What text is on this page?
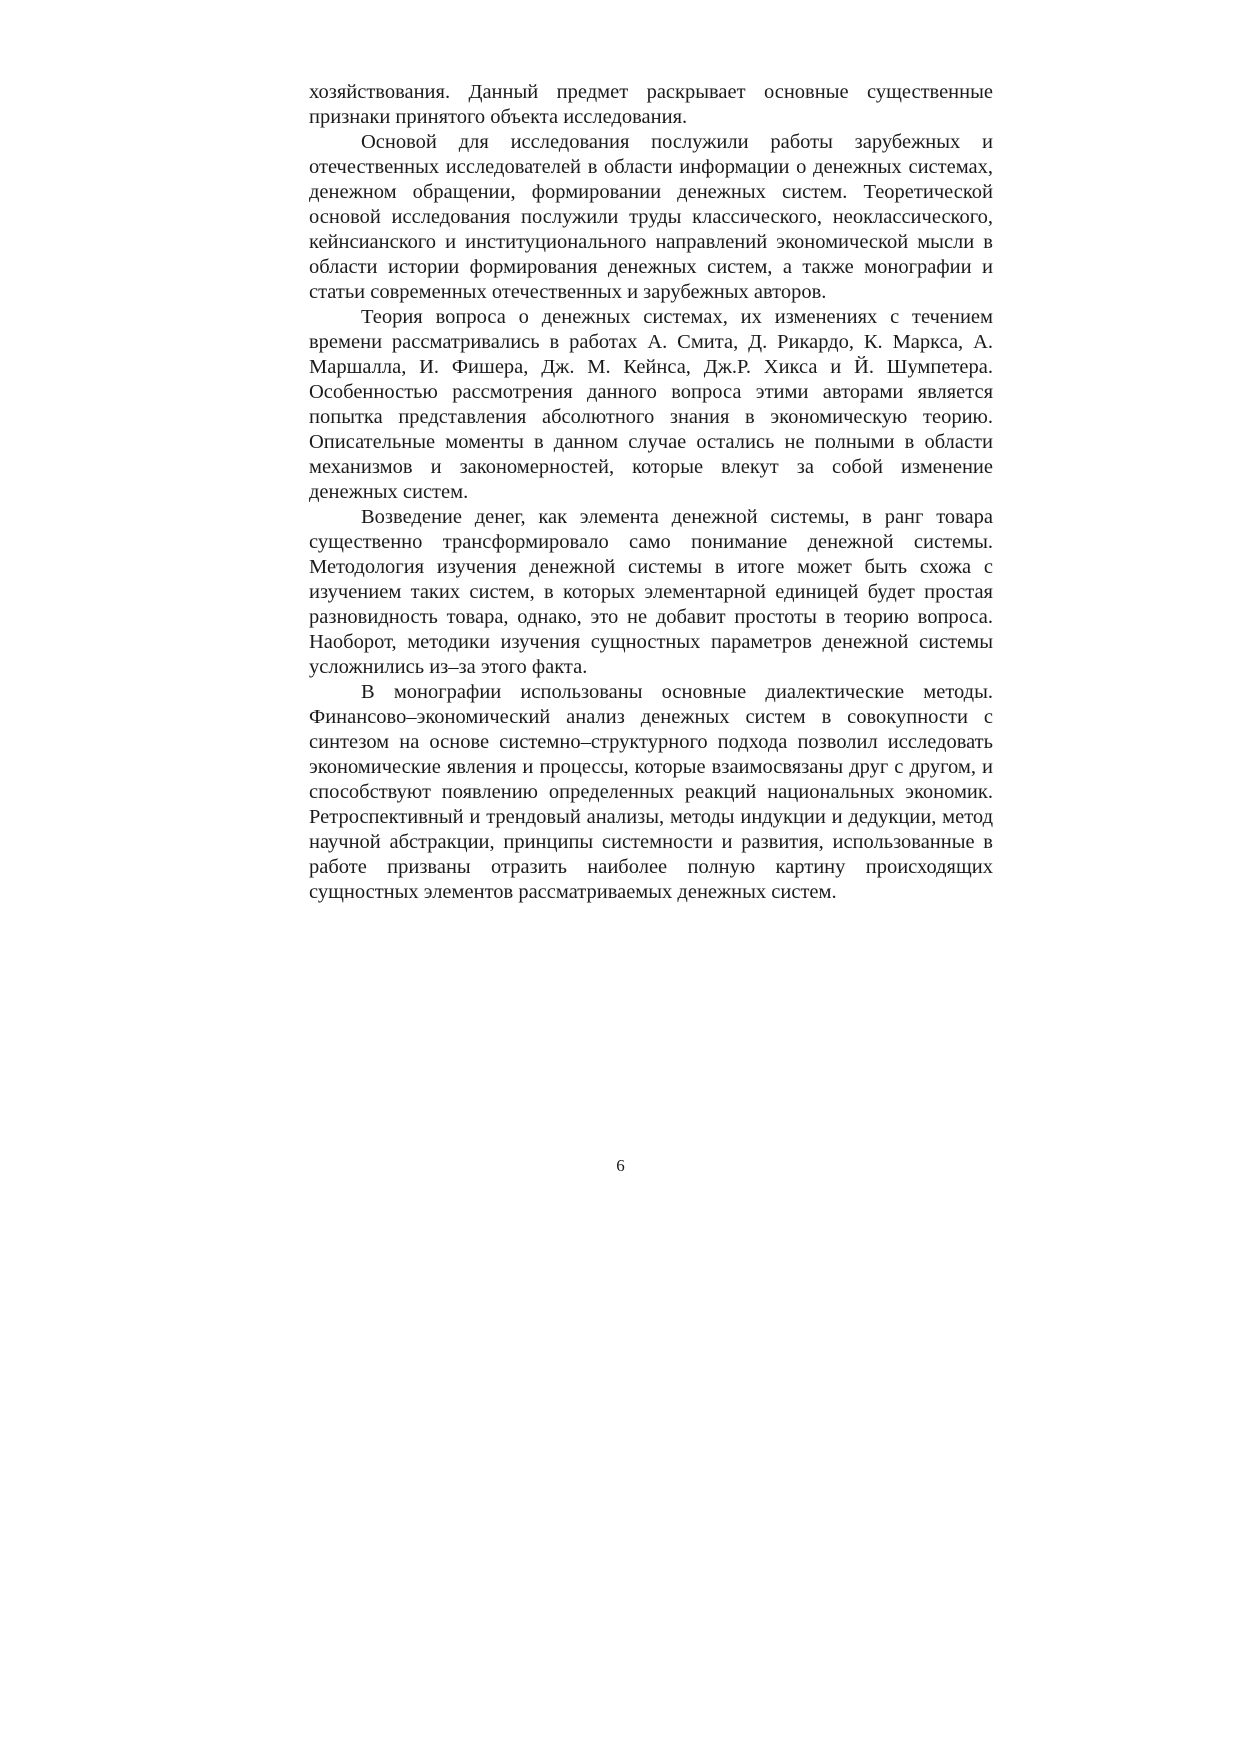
хозяйствования. Данный предмет раскрывает основные существенные признаки принятого объекта исследования.

Основой для исследования послужили работы зарубежных и отечественных исследователей в области информации о денежных системах, денежном обращении, формировании денежных систем. Теоретической основой исследования послужили труды классического, неоклассического, кейнсианского и институционального направлений экономической мысли в области истории формирования денежных систем, а также монографии и статьи современных отечественных и зарубежных авторов.

Теория вопроса о денежных системах, их изменениях с течением времени рассматривались в работах А. Смита, Д. Рикардо, К. Маркса, А. Маршалла, И. Фишера, Дж. М. Кейнса, Дж.Р. Хикса и Й. Шумпетера. Особенностью рассмотрения данного вопроса этими авторами является попытка представления абсолютного знания в экономическую теорию. Описательные моменты в данном случае остались не полными в области механизмов и закономерностей, которые влекут за собой изменение денежных систем.

Возведение денег, как элемента денежной системы, в ранг товара существенно трансформировало само понимание денежной системы. Методология изучения денежной системы в итоге может быть схожа с изучением таких систем, в которых элементарной единицей будет простая разновидность товара, однако, это не добавит простоты в теорию вопроса. Наоборот, методики изучения сущностных параметров денежной системы усложнились из–за этого факта.

В монографии использованы основные диалектические методы. Финансово–экономический анализ денежных систем в совокупности с синтезом на основе системно–структурного подхода позволил исследовать экономические явления и процессы, которые взаимосвязаны друг с другом, и способствуют появлению определенных реакций национальных экономик. Ретроспективный и трендовый анализы, методы индукции и дедукции, метод научной абстракции, принципы системности и развития, использованные в работе призваны отразить наиболее полную картину происходящих сущностных элементов рассматриваемых денежных систем.

6
